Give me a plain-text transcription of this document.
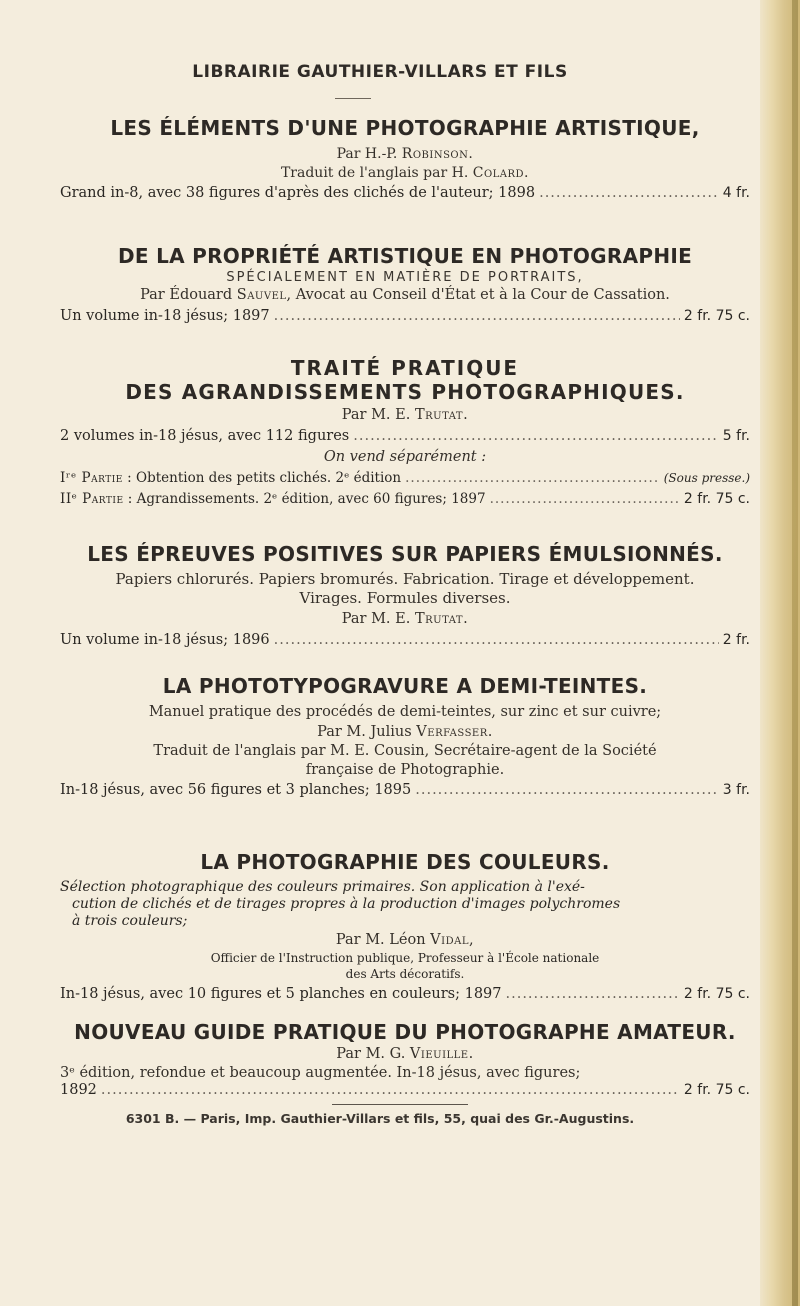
LIBRAIRIE GAUTHIER-VILLARS ET FILS
LES ÉLÉMENTS D'UNE PHOTOGRAPHIE ARTISTIQUE,
Par H.-P. Robinson.
Traduit de l'anglais par H. Colard.
Grand in-8, avec 38 figures d'après des clichés de l'auteur; 1898 .....	4 fr.
DE LA PROPRIÉTÉ ARTISTIQUE EN PHOTOGRAPHIE
SPÉCIALEMENT EN MATIÈRE DE PORTRAITS,
Par Édouard Sauvel, Avocat au Conseil d'État et à la Cour de Cassation.
Un volume in-18 jésus; 1897 .....	2 fr. 75 c.
TRAITÉ PRATIQUE
DES AGRANDISSEMENTS PHOTOGRAPHIQUES.
Par M. E. Trutat.
2 volumes in-18 jésus, avec 112 figures .....	5 fr.
On vend séparément :
Iʳᵉ Partie : Obtention des petits clichés. 2ᵉ édition .....	(Sous presse.)
IIᵉ Partie : Agrandissements. 2ᵉ édition, avec 60 figures; 1897 .....	2 fr. 75 c.
LES ÉPREUVES POSITIVES SUR PAPIERS ÉMULSIONNÉS.
Papiers chlorurés. Papiers bromurés. Fabrication. Tirage et développement.
Virages. Formules diverses.
Par M. E. Trutat.
Un volume in-18 jésus; 1896 .....	2 fr.
LA PHOTOTYPOGRAVURE A DEMI-TEINTES.
Manuel pratique des procédés de demi-teintes, sur zinc et sur cuivre;
Par M. Julius Verfasser.
Traduit de l'anglais par M. E. Cousin, Secrétaire-agent de la Société
française de Photographie.
In-18 jésus, avec 56 figures et 3 planches; 1895 .....	3 fr.
LA PHOTOGRAPHIE DES COULEURS.
Sélection photographique des couleurs primaires. Son application à l'exé-
cution de clichés et de tirages propres à la production d'images polychromes
à trois couleurs;
Par M. Léon Vidal,
Officier de l'Instruction publique, Professeur à l'École nationale
des Arts décoratifs.
In-18 jésus, avec 10 figures et 5 planches en couleurs; 1897 .....	2 fr. 75 c.
NOUVEAU GUIDE PRATIQUE DU PHOTOGRAPHE AMATEUR.
Par M. G. Vieuille.
3ᵉ édition, refondue et beaucoup augmentée. In-18 jésus, avec figures;
1892 .....	2 fr. 75 c.
6301 B. — Paris, Imp. Gauthier-Villars et fils, 55, quai des Gr.-Augustins.
